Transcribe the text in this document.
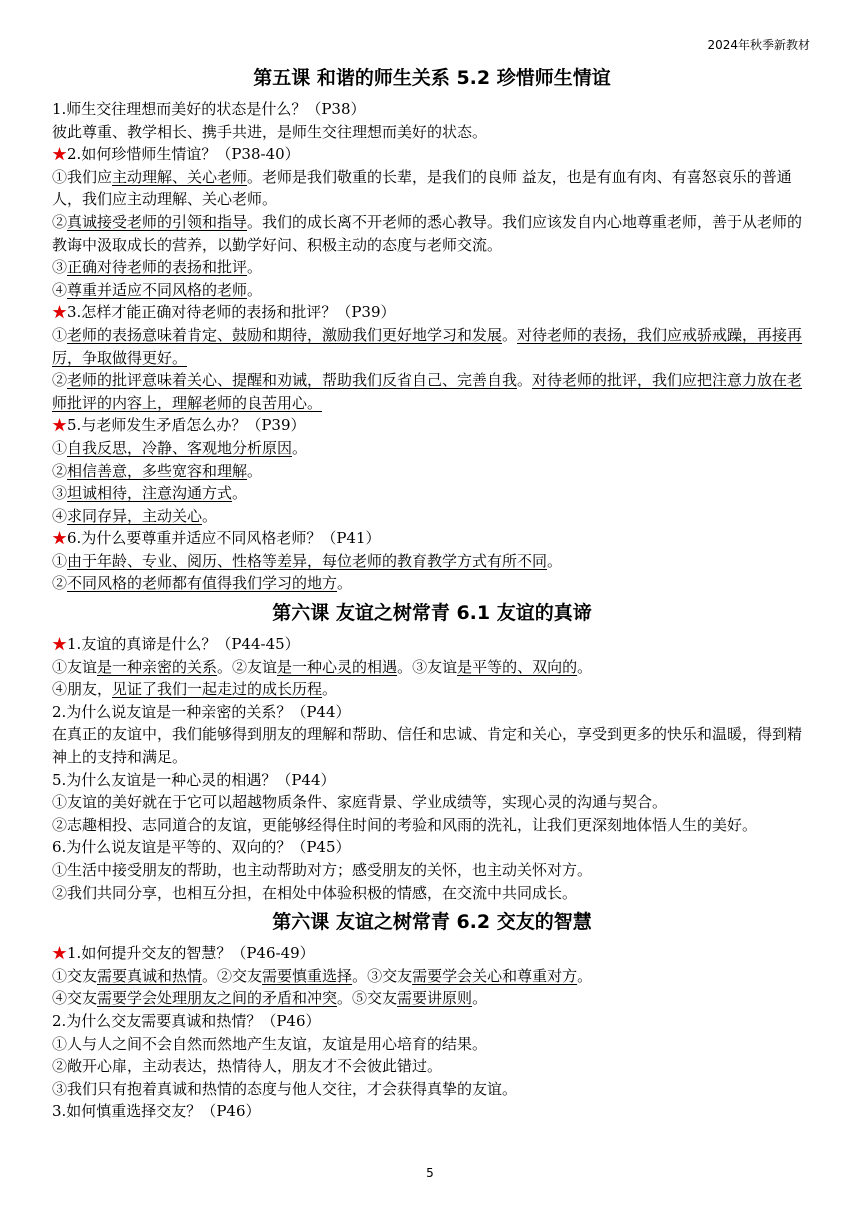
2024年秋季新教材
第五课 和谐的师生关系 5.2 珍惜师生情谊
1.师生交往理想而美好的状态是什么？（P38）
彼此尊重、教学相长、携手共进，是师生交往理想而美好的状态。
★2.如何珍惜师生情谊？（P38-40）
①我们应主动理解、关心老师。老师是我们敬重的长辈，是我们的良师 益友，也是有血有肉、有喜怒哀乐的普通人，我们应主动理解、关心老师。
②真诚接受老师的引领和指导。我们的成长离不开老师的悉心教导。我们应该发自内心地尊重老师，善于从老师的教诲中汲取成长的营养，以勤学好问、积极主动的态度与老师交流。
③正确对待老师的表扬和批评。
④尊重并适应不同风格的老师。
★3.怎样才能正确对待老师的表扬和批评？（P39）
①老师的表扬意味着肯定、鼓励和期待，激励我们更好地学习和发展。对待老师的表扬，我们应戒骄戒躁，再接再厉，争取做得更好。
②老师的批评意味着关心、提醒和劝诫，帮助我们反省自己、完善自我。对待老师的批评，我们应把注意力放在老师批评的内容上，理解老师的良苦用心。
★5.与老师发生矛盾怎么办？（P39）
①自我反思，冷静、客观地分析原因。
②相信善意，多些宽容和理解。
③坦诚相待，注意沟通方式。
④求同存异，主动关心。
★6.为什么要尊重并适应不同风格老师？（P41）
①由于年龄、专业、阅历、性格等差异，每位老师的教育教学方式有所不同。
②不同风格的老师都有值得我们学习的地方。
第六课 友谊之树常青 6.1 友谊的真谛
★1.友谊的真谛是什么？（P44-45）
①友谊是一种亲密的关系。②友谊是一种心灵的相遇。③友谊是平等的、双向的。
④朋友，见证了我们一起走过的成长历程。
2.为什么说友谊是一种亲密的关系？（P44）
在真正的友谊中，我们能够得到朋友的理解和帮助、信任和忠诚、肯定和关心，享受到更多的快乐和温暖，得到精神上的支持和满足。
5.为什么友谊是一种心灵的相遇？（P44）
①友谊的美好就在于它可以超越物质条件、家庭背景、学业成绩等，实现心灵的沟通与契合。
②志趣相投、志同道合的友谊，更能够经得住时间的考验和风雨的洗礼，让我们更深刻地体悟人生的美好。
6.为什么说友谊是平等的、双向的？（P45）
①生活中接受朋友的帮助，也主动帮助对方；感受朋友的关怀，也主动关怀对方。
②我们共同分享，也相互分担，在相处中体验积极的情感，在交流中共同成长。
第六课 友谊之树常青 6.2 交友的智慧
★1.如何提升交友的智慧？（P46-49）
①交友需要真诚和热情。②交友需要慎重选择。③交友需要学会关心和尊重对方。
④交友需要学会处理朋友之间的矛盾和冲突。⑤交友需要讲原则。
2.为什么交友需要真诚和热情？（P46）
①人与人之间不会自然而然地产生友谊，友谊是用心培育的结果。
②敞开心扉，主动表达，热情待人，朋友才不会彼此错过。
③我们只有抱着真诚和热情的态度与他人交往，才会获得真挚的友谊。
3.如何慎重选择交友？（P46）
5
